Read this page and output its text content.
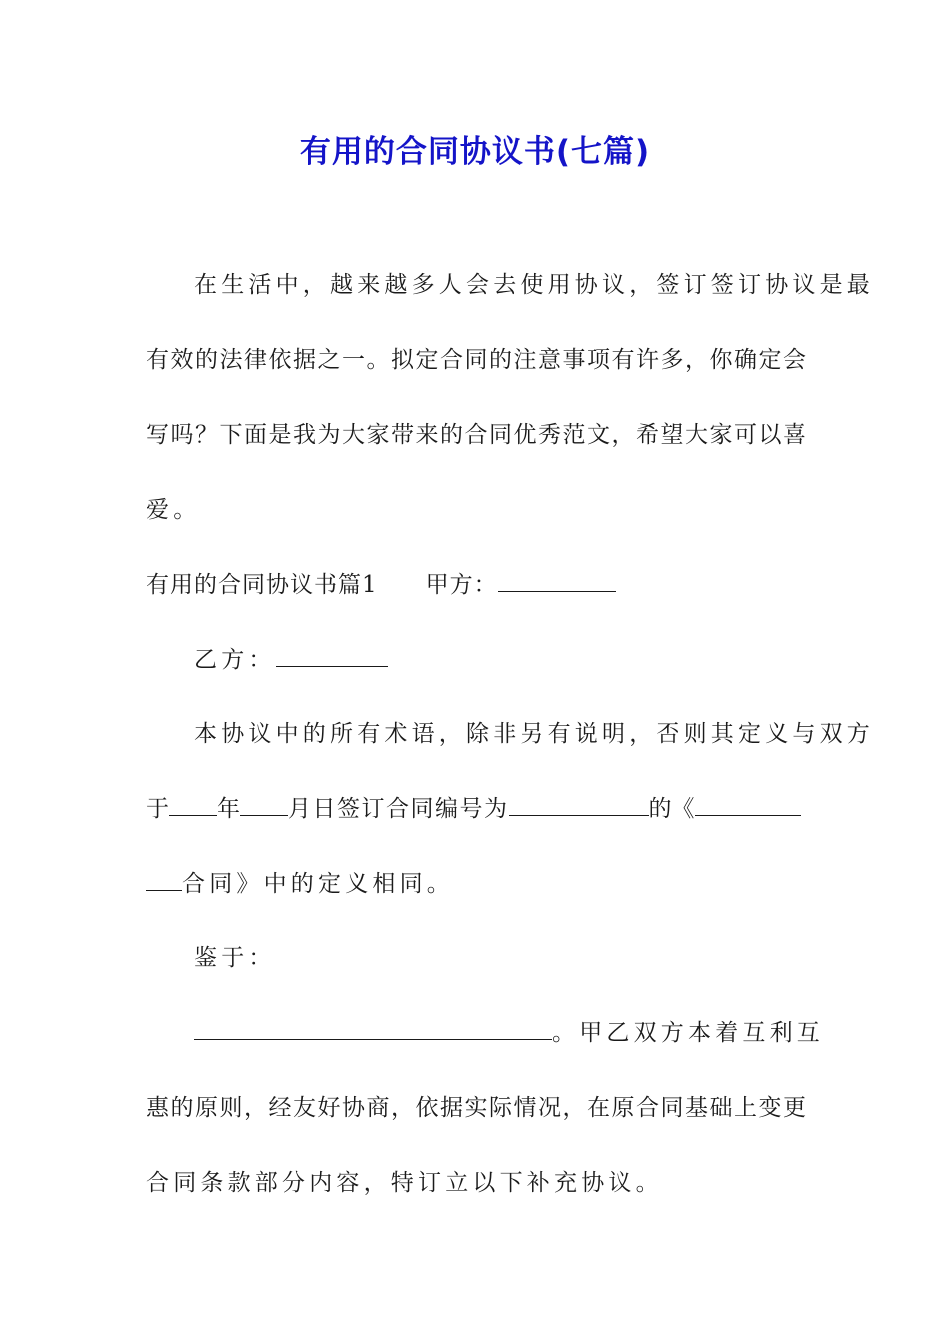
有用的合同协议书(七篇)
在生活中，越来越多人会去使用协议，签订签订协议是最
有效的法律依据之一。拟定合同的注意事项有许多，你确定会
写吗？下面是我为大家带来的合同优秀范文，希望大家可以喜
爱。
有用的合同协议书篇1 甲方：
乙方：
本协议中的所有术语，除非另有说明，否则其定义与双方
于 年 月日签订合同编号为	的《
合同》中的定义相同。
鉴于：
。甲乙双方本着互利互
惠的原则，经友好协商，依据实际情况，在原合同基础上变更
合同条款部分内容，特订立以下补充协议。
